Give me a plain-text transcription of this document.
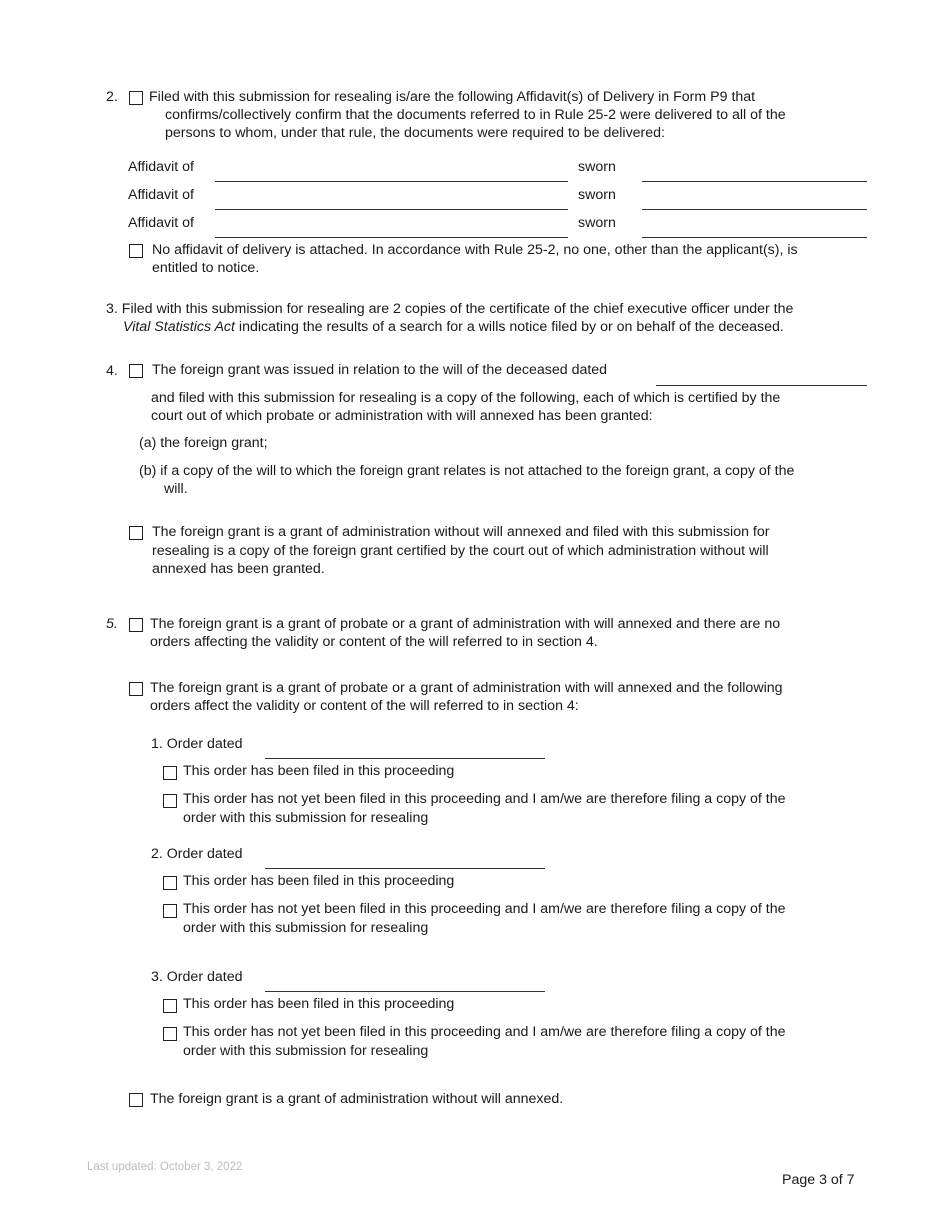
2. Filed with this submission for resealing is/are the following Affidavit(s) of Delivery in Form P9 that
confirms/collectively confirm that the documents referred to in Rule 25-2 were delivered to all of the
persons to whom, under that rule, the documents were required to be delivered:
Affidavit of	sworn
Affidavit of	sworn
Affidavit of	sworn
No affidavit of delivery is attached. In accordance with Rule 25-2, no one, other than the applicant(s), is
entitled to notice.
3. Filed with this submission for resealing are 2 copies of the certificate of the chief executive officer under the
Vital Statistics Act indicating the results of a search for a wills notice filed by or on behalf of the deceased.
4. The foreign grant was issued in relation to the will of the deceased dated
and filed with this submission for resealing is a copy of the following, each of which is certified by the
court out of which probate or administration with will annexed has been granted:
(a) the foreign grant;
(b) if a copy of the will to which the foreign grant relates is not attached to the foreign grant, a copy of the
will.
The foreign grant is a grant of administration without will annexed and filed with this submission for
resealing is a copy of the foreign grant certified by the court out of which administration without will
annexed has been granted.
5. The foreign grant is a grant of probate or a grant of administration with will annexed and there are no
orders affecting the validity or content of the will referred to in section 4.
The foreign grant is a grant of probate or a grant of administration with will annexed and the following
orders affect the validity or content of the will referred to in section 4:
1. Order dated
This order has been filed in this proceeding
This order has not yet been filed in this proceeding and I am/we are therefore filing a copy of the
order with this submission for resealing
2. Order dated
This order has been filed in this proceeding
This order has not yet been filed in this proceeding and I am/we are therefore filing a copy of the
order with this submission for resealing
3. Order dated
This order has been filed in this proceeding
This order has not yet been filed in this proceeding and I am/we are therefore filing a copy of the
order with this submission for resealing
The foreign grant is a grant of administration without will annexed.
Last updated: October 3, 2022
Page 3 of 7
